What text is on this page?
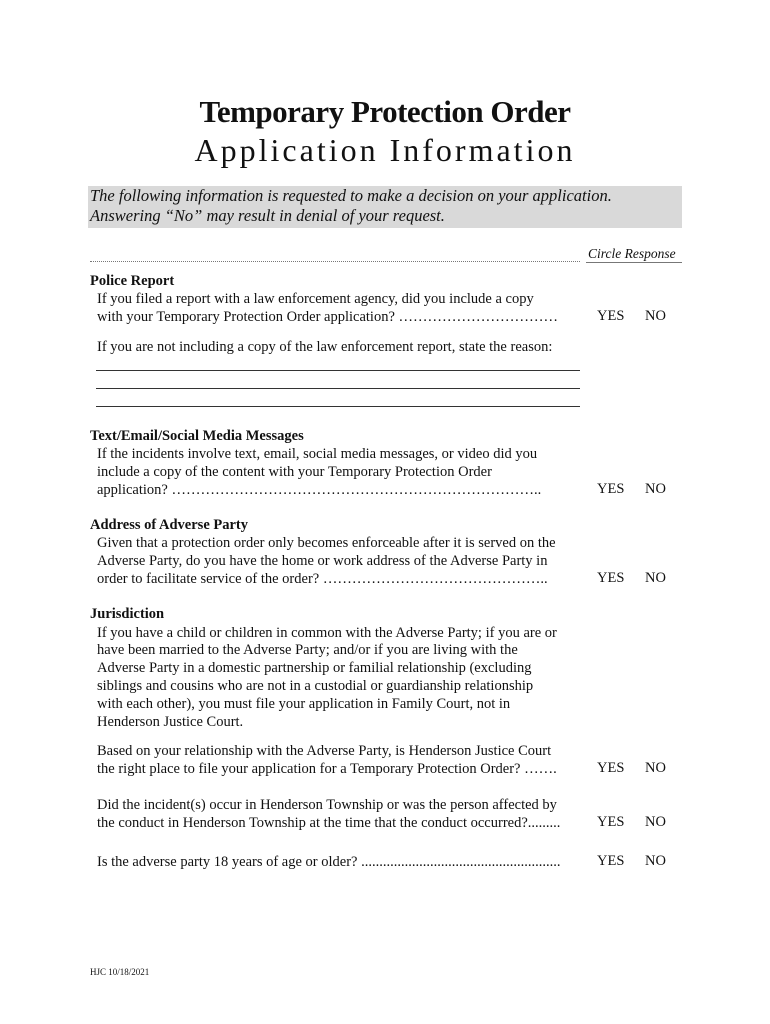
Temporary Protection Order
Application Information
The following information is requested to make a decision on your application.
Answering “No” may result in denial of your request.
Circle Response
Police Report
If you filed a report with a law enforcement agency, did you include a copy
with your Temporary Protection Order application? ……………………………	YES NO
If you are not including a copy of the law enforcement report, state the reason:
Text/Email/Social Media Messages
If the incidents involve text, email, social media messages, or video did you
include a copy of the content with your Temporary Protection Order
application? …………………………………………………………………..	YES NO
Address of Adverse Party
Given that a protection order only becomes enforceable after it is served on the
Adverse Party, do you have the home or work address of the Adverse Party in
order to facilitate service of the order? ………………………………………..	YES NO
Jurisdiction
If you have a child or children in common with the Adverse Party; if you are or
have been married to the Adverse Party; and/or if you are living with the
Adverse Party in a domestic partnership or familial relationship (excluding
siblings and cousins who are not in a custodial or guardianship relationship
with each other), you must file your application in Family Court, not in
Henderson Justice Court.
Based on your relationship with the Adverse Party, is Henderson Justice Court
the right place to file your application for a Temporary Protection Order? …….	YES NO
Did the incident(s) occur in Henderson Township or was the person affected by
the conduct in Henderson Township at the time that the conduct occurred?.........	YES NO
Is the adverse party 18 years of age or older? .......................................................	YES NO
HJC 10/18/2021
